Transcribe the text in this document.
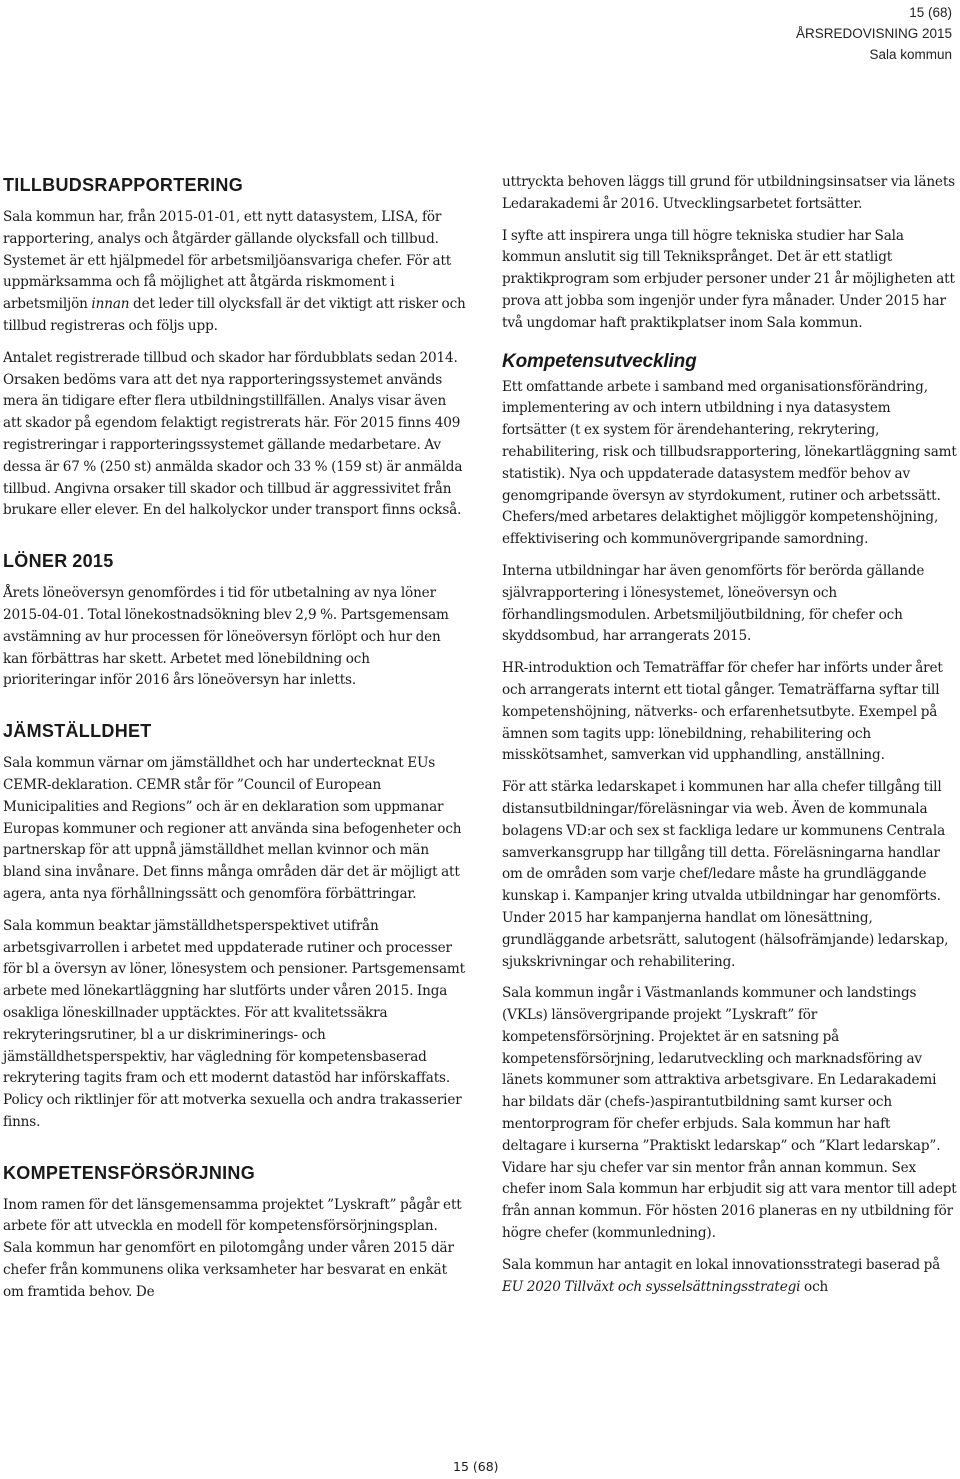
15 (68)
ÅRSREDOVISNING 2015
Sala kommun
TILLBUDSRAPPORTERING

Sala kommun har, från 2015-01-01, ett nytt datasystem, LISA, för rapportering, analys och åtgärder gällande olycksfall och tillbud. Systemet är ett hjälpmedel för arbetsmiljöansvariga chefer. För att uppmärksamma och få möjlighet att åtgärda riskmoment i arbetsmiljön innan det leder till olycksfall är det viktigt att risker och tillbud registreras och följs upp.

Antalet registrerade tillbud och skador har fördubblats sedan 2014. Orsaken bedöms vara att det nya rapporteringssystemet används mera än tidigare efter flera utbildningstillfällen. Analys visar även att skador på egendom felaktigt registrerats här. För 2015 finns 409 registreringar i rapporteringssystemet gällande medarbetare. Av dessa är 67 % (250 st) anmälda skador och 33 % (159 st) är anmälda tillbud. Angivna orsaker till skador och tillbud är aggressivitet från brukare eller elever. En del halkolyckor under transport finns också.

LÖNER 2015

Årets löneöversyn genomfördes i tid för utbetalning av nya löner 2015-04-01. Total lönekostnadsökning blev 2,9 %. Partsgemensam avstämning av hur processen för löneöversyn förlöpt och hur den kan förbättras har skett. Arbetet med lönebildning och prioriteringar inför 2016 års löneöversyn har inletts.

JÄMSTÄLLDHET

Sala kommun värnar om jämställdhet och har undertecknat EUs CEMR-deklaration. CEMR står för ”Council of European Municipalities and Regions” och är en deklaration som uppmanar Europas kommuner och regioner att använda sina befogenheter och partnerskap för att uppnå jämställdhet mellan kvinnor och män bland sina invånare. Det finns många områden där det är möjligt att agera, anta nya förhållningssätt och genomföra förbättringar.

Sala kommun beaktar jämställdhetsperspektivet utifrån arbetsgivarrollen i arbetet med uppdaterade rutiner och processer för bl a översyn av löner, lönesystem och pensioner. Partsgemensamt arbete med lönekartläggning har slutförts under våren 2015. Inga osakliga löneskillnader upptäcktes. För att kvalitetssäkra rekryteringsrutiner, bl a ur diskriminerings- och jämställdhetsperspektiv, har vägledning för kompetensbaserad rekrytering tagits fram och ett modernt datastöd har införskaffats. Policy och riktlinjer för att motverka sexuella och andra trakasserier finns.

KOMPETENSFÖRSÖRJNING

Inom ramen för det länsgemensamma projektet ”Lyskraft” pågår ett arbete för att utveckla en modell för kompetensförsörjningsplan. Sala kommun har genomfört en pilotomgång under våren 2015 där chefer från kommunens olika verksamheter har besvarat en enkät om framtida behov. De

uttryckta behoven läggs till grund för utbildningsinsatser via länets Ledarakademi år 2016. Utvecklingsarbetet fortsätter.

I syfte att inspirera unga till högre tekniska studier har Sala kommun anslutit sig till Tekniksprånget. Det är ett statligt praktikprogram som erbjuder personer under 21 år möjligheten att prova att jobba som ingenjör under fyra månader. Under 2015 har två ungdomar haft praktikplatser inom Sala kommun.

Kompetensutveckling

Ett omfattande arbete i samband med organisationsförändring, implementering av och intern utbildning i nya datasystem fortsätter (t ex system för ärendehantering, rekrytering, rehabilitering, risk och tillbudsrapportering, lönekartläggning samt statistik). Nya och uppdaterade datasystem medför behov av genomgripande översyn av styrdokument, rutiner och arbetssätt. Chefers/med arbetares delaktighet möjliggör kompetenshöjning, effektivisering och kommunövergripande samordning.

Interna utbildningar har även genomförts för berörda gällande självrapportering i lönesystemet, löneöversyn och förhandlingsmodulen. Arbetsmiljöutbildning, för chefer och skyddsombud, har arrangerats 2015.

HR-introduktion och Tematräffar för chefer har införts under året och arrangerats internt ett tiotal gånger. Tematräffarna syftar till kompetenshöjning, nätverks- och erfarenhetsutbyte. Exempel på ämnen som tagits upp: lönebildning, rehabilitering och misskötsamhet, samverkan vid upphandling, anställning.

För att stärka ledarskapet i kommunen har alla chefer tillgång till distansutbildningar/föreläsningar via web. Även de kommunala bolagens VD:ar och sex st fackliga ledare ur kommunens Centrala samverkansgrupp har tillgång till detta. Föreläsningarna handlar om de områden som varje chef/ledare måste ha grundläggande kunskap i. Kampanjer kring utvalda utbildningar har genomförts. Under 2015 har kampanjerna handlat om lönesättning, grundläggande arbetsrätt, salutogent (hälsofrämjande) ledarskap, sjukskrivningar och rehabilitering.

Sala kommun ingår i Västmanlands kommuner och landstings (VKLs) länsövergripande projekt ”Lyskraft” för kompetensförsörjning. Projektet är en satsning på kompetensförsörjning, ledarutveckling och marknadsföring av länets kommuner som attraktiva arbetsgivare. En Ledarakademi har bildats där (chefs-)aspirantutbildning samt kurser och mentorprogram för chefer erbjuds. Sala kommun har haft deltagare i kurserna ”Praktiskt ledarskap” och ”Klart ledarskap”. Vidare har sju chefer var sin mentor från annan kommun. Sex chefer inom Sala kommun har erbjudit sig att vara mentor till adept från annan kommun. För hösten 2016 planeras en ny utbildning för högre chefer (kommunledning).

Sala kommun har antagit en lokal innovationsstrategi baserad på EU 2020 Tillväxt och sysselsättningsstrategi och

15 (68)
